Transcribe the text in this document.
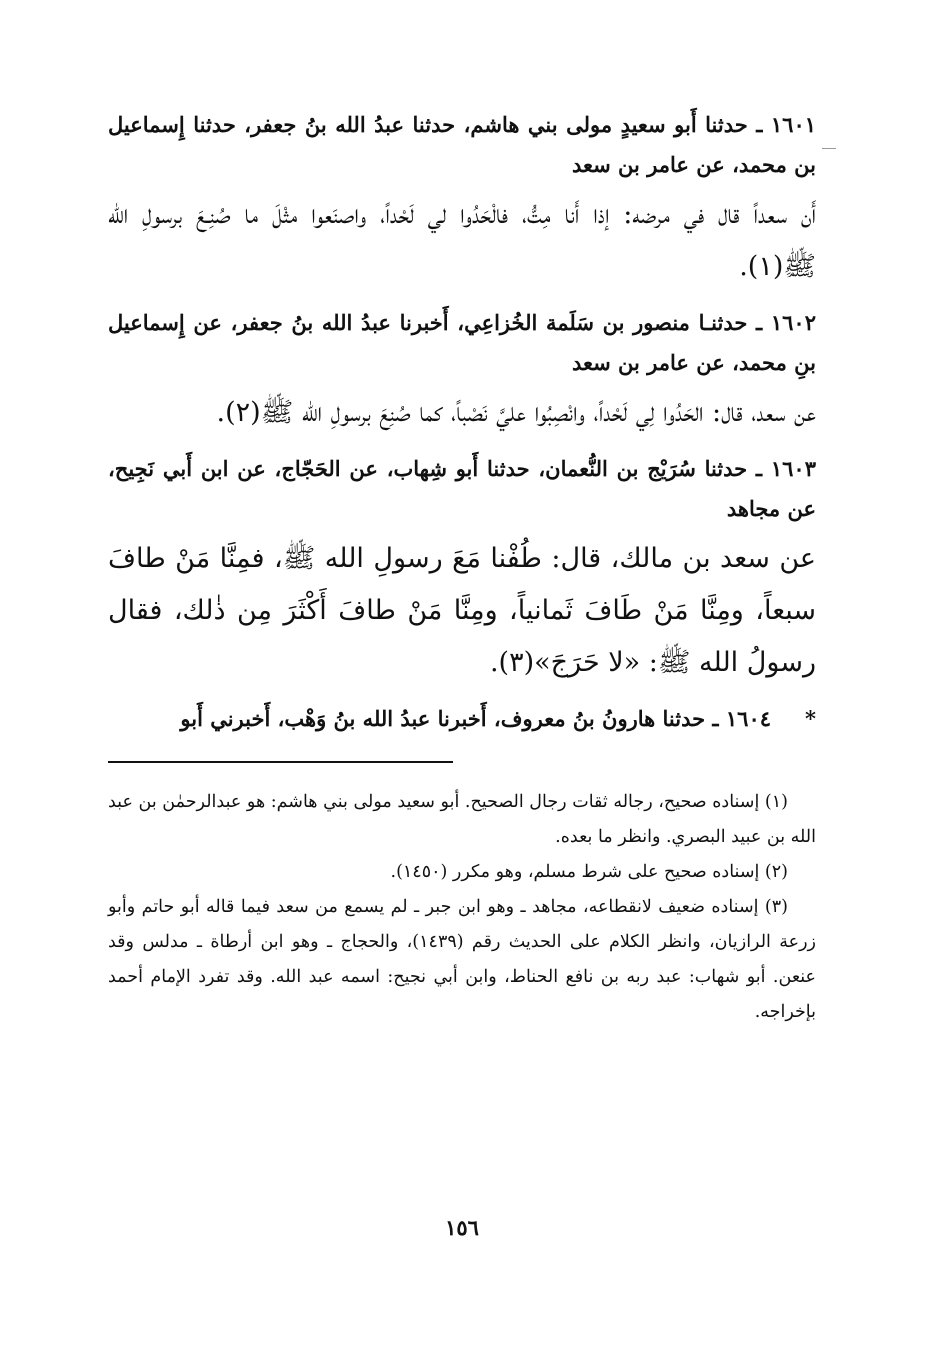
١٦٠١ ـ حدثنا أَبو سعيدٍ مولى بني هاشم، حدثنا عبدُ الله بنُ جعفر، حدثنا إِسماعيل بن محمد، عن عامر بن سعد

أَن سعداً قال في مرضه: إذا أَنا مِتُّ، فالْحَدُوا لي لَحْداً، واصنَعوا مثْلَ ما صُنِـعَ برسولِ الله ﷺ(١).

١٦٠٢ ـ حدثنـا منصور بن سَلَمة الخُزاعِي، أَخبرنا عبدُ الله بنُ جعفر، عن إِسماعيل بنِ محمد، عن عامر بن سعد

عن سعد، قال: الحَدُوا لِي لَحْداً، وانْصِبُوا عليَّ نَصْباً، كما صُنِعَ برسولِ الله ﷺ(٢).

١٦٠٣ ـ حدثنا سُرَيْج بن النُّعمان، حدثنا أَبو شِهاب، عن الحَجّاج، عن ابن أَبي نَجِيح، عن مجاهد

عن سعد بن مالك، قال: طُفْنا مَعَ رسولِ الله ﷺ، فمِنَّا مَنْ طافَ سبعاً، ومِنَّا مَنْ طَافَ ثَمانياً، ومِنَّا مَنْ طافَ أَكْثَرَ مِن ذٰلك، فقال رسولُ الله ﷺ: «لا حَرَجَ»(٣).

*١٦٠٤ ـ حدثنا هارونُ بنُ معروف، أَخبرنا عبدُ الله بنُ وَهْب، أَخبرني أَبو

(١) إسناده صحيح، رجاله ثقات رجال الصحيح. أبو سعيد مولى بني هاشم: هو عبدالرحمٰن بن عبد الله بن عبيد البصري. وانظر ما بعده.

(٢) إسناده صحيح على شرط مسلم، وهو مكرر (١٤٥٠).

(٣) إسناده ضعيف لانقطاعه، مجاهد ـ وهو ابن جبر ـ لم يسمع من سعد فيما قاله أبو حاتم وأبو زرعة الرازيان، وانظر الكلام على الحديث رقم (١٤٣٩)، والحجاج ـ وهو ابن أرطاة ـ مدلس وقد عنعن. أبو شهاب: عبد ربه بن نافع الحناط، وابن أبي نجيح: اسمه عبد الله. وقد تفرد الإمام أحمد بإخراجه.

١٥٦
